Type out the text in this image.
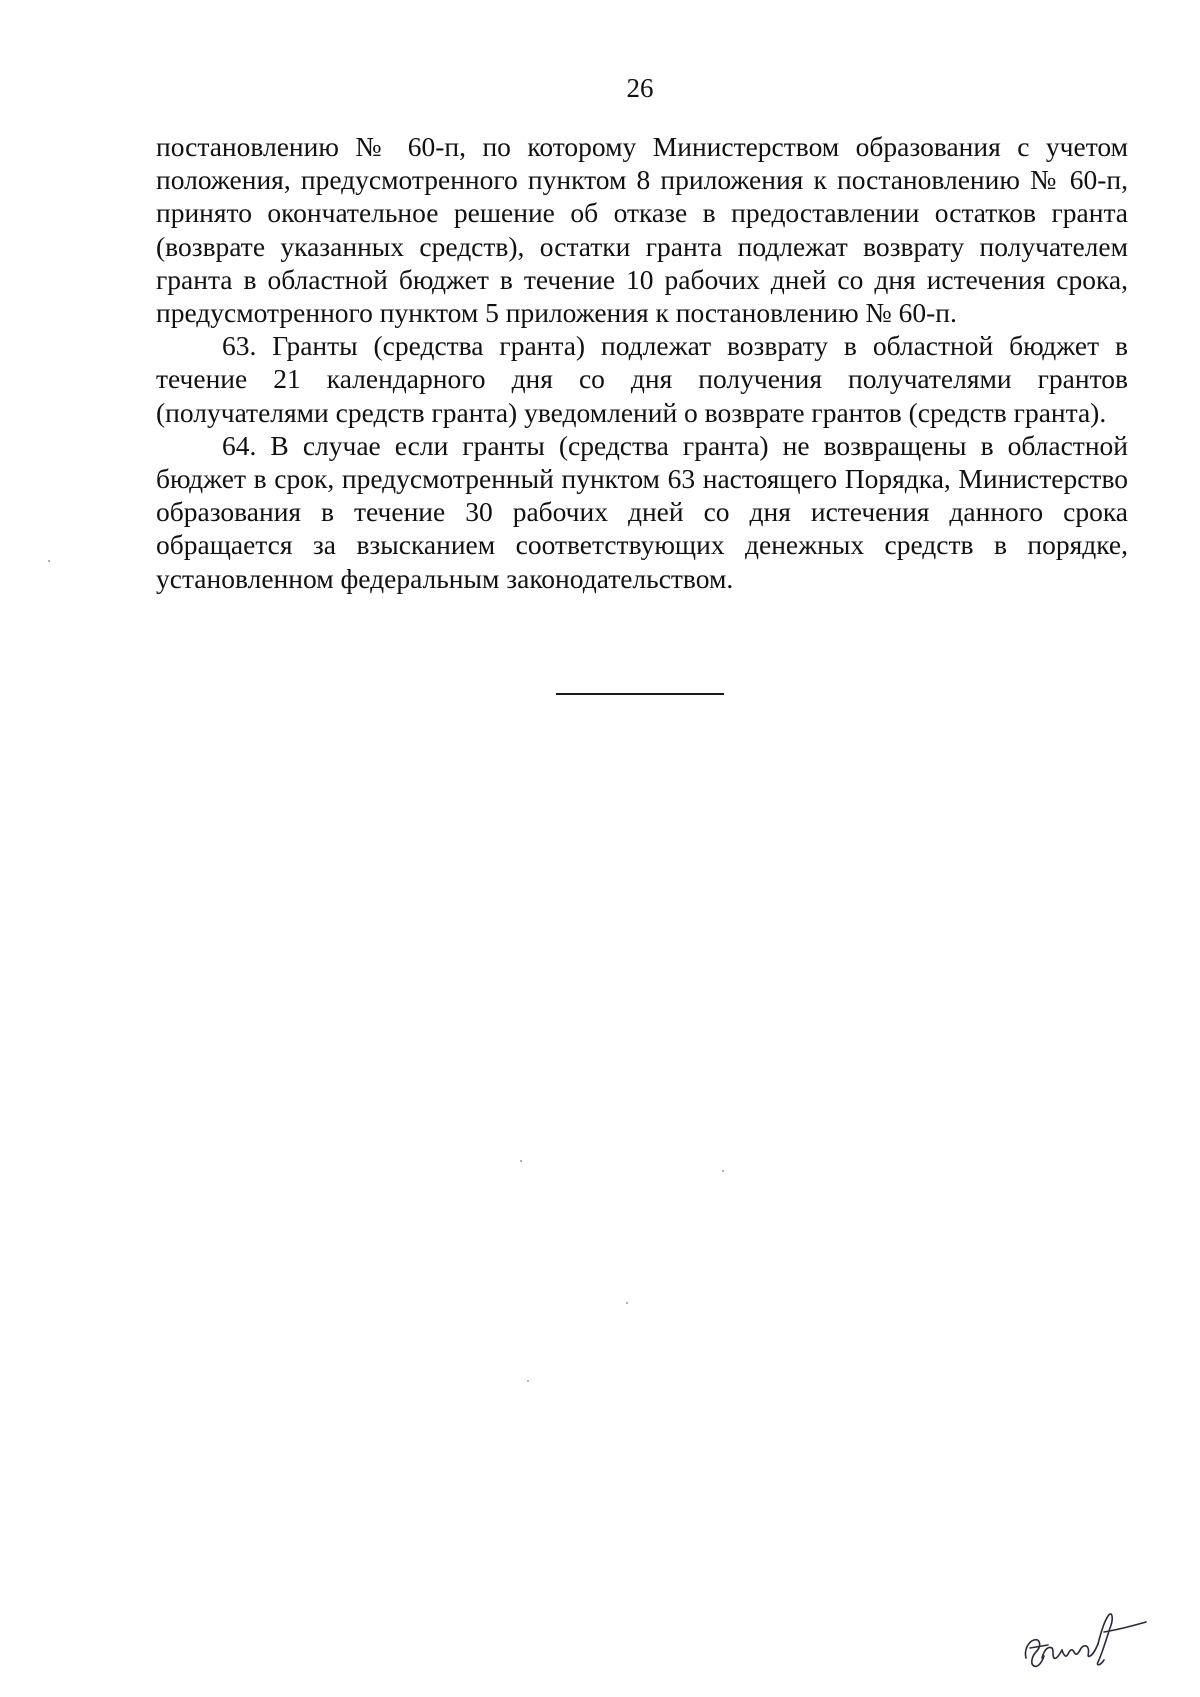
26

постановлению № 60-п, по которому Министерством образования с учетом положения, предусмотренного пунктом 8 приложения к постановлению № 60-п, принято окончательное решение об отказе в предоставлении остатков гранта (возврате указанных средств), остатки гранта подлежат возврату получателем гранта в областной бюджет в течение 10 рабочих дней со дня истечения срока, предусмотренного пунктом 5 приложения к постановлению № 60-п.

63. Гранты (средства гранта) подлежат возврату в областной бюджет в течение 21 календарного дня со дня получения получателями грантов (получателями средств гранта) уведомлений о возврате грантов (средств гранта).

64. В случае если гранты (средства гранта) не возвращены в областной бюджет в срок, предусмотренный пунктом 63 настоящего Порядка, Министерство образования в течение 30 рабочих дней со дня истечения данного срока обращается за взысканием соответствующих денежных средств в порядке, установленном федеральным законодательством.
